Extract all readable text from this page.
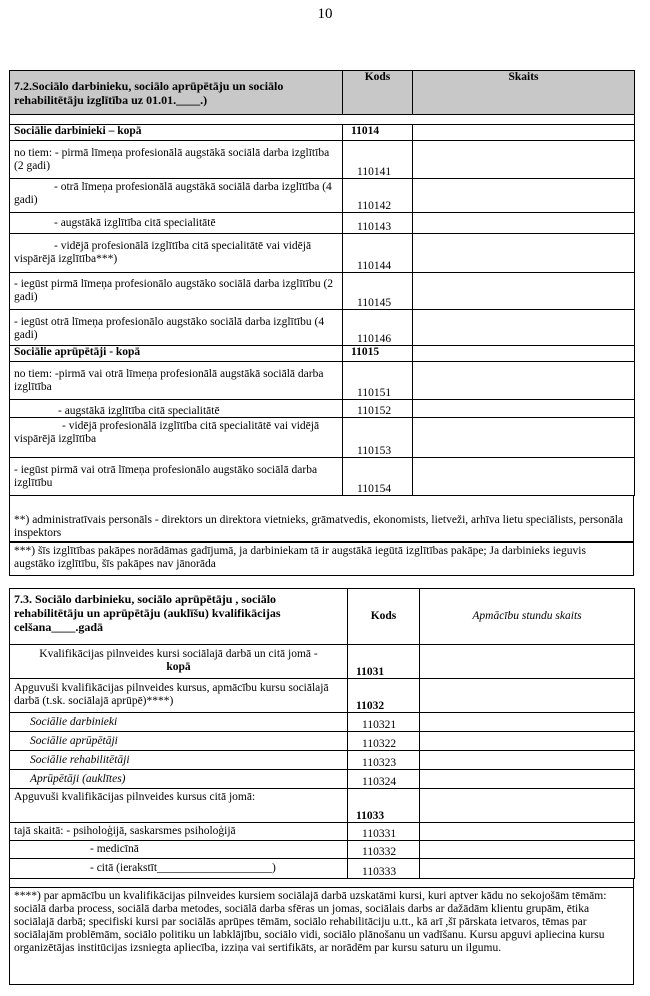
10
7.2.Sociālo darbinieku, sociālo aprūpētāju un sociālo rehabilitētāju izglītība uz 01.01.____.)	Kods	Skaits

Sociālie darbinieki – kopā	11014	
no tiem: - pirmā līmeņa profesionālā augstākā sociālā darba izglītība (2 gadi)	110141	
- otrā līmeņa profesionālā augstākā sociālā darba izglītība (4 gadi)	110142	
- augstākā izglītība citā specialitātē	110143	
- vidējā profesionālā izglītība citā specialitātē vai vidējā vispārējā izglītība***)	110144	
- iegūst pirmā līmeņa profesionālo augstāko sociālā darba izglītību (2 gadi)	110145	
- iegūst otrā līmeņa profesionālo augstāko sociālā darba izglītību (4 gadi)	110146	
Sociālie aprūpētāji - kopā	11015	
no tiem: -pirmā vai otrā līmeņa profesionālā augstākā sociālā darba izglītība	110151	
- augstākā izglītība citā specialitātē	110152	
- vidējā profesionālā izglītība citā specialitātē vai vidējā vispārējā izglītība	110153	
- iegūst pirmā vai otrā līmeņa profesionālo augstāko sociālā darba izglītību	110154	
**) administratīvais personāls - direktors un direktora vietnieks, grāmatvedis, ekonomists, lietveži, arhīva lietu speciālists, personāla inspektors
***) šīs izglītības pakāpes norādāmas gadījumā, ja darbiniekam tā ir augstākā iegūtā izglītības pakāpe; Ja darbinieks ieguvis augstāko izglītību, šīs pakāpes nav jānorāda
7.3. Sociālo darbinieku, sociālo aprūpētāju , sociālo rehabilitētāju un aprūpētāju (auklīšu) kvalifikācijas celšana____.gadā	Kods	Apmācību stundu skaits
Kvalifikācijas pilnveides kursi sociālajā darbā un citā jomā -
kopā	11031	
Apguvuši kvalifikācijas pilnveides kursus, apmācību kursu sociālajā darbā (t.sk. sociālajā aprūpē)****)	11032	
Sociālie darbinieki	110321	
Sociālie aprūpētāji	110322	
Sociālie rehabilitētāji	110323	
Aprūpētāji (auklītes)	110324	
Apguvuši kvalifikācijas pilnveides kursus citā jomā:	11033	
tajā skaitā: - psiholoģijā, saskarsmes psiholoģijā	110331	
- medicīnā	110332	
- citā (ierakstīt____________________)	110333	
****) par apmācību un kvalifikācijas pilnveides kursiem sociālajā darbā uzskatāmi kursi, kuri aptver kādu no sekojošām tēmām: sociālā darba process, sociālā darba metodes, sociālā darba sfēras un jomas, sociālais darbs ar dažādām klientu grupām, ētika sociālajā darbā; specifiski kursi par sociālās aprūpes tēmām, sociālo rehabilitāciju u.tt., kā arī ,šī pārskata ietvaros, tēmas par sociālajām problēmām, sociālo politiku un labklājību, sociālo vidi, sociālo plānošanu un vadīšanu. Kursu apguvi apliecina kursu organizētājas institūcijas izsniegta apliecība, izziņa vai sertifikāts, ar norādēm par kursu saturu un ilgumu.
